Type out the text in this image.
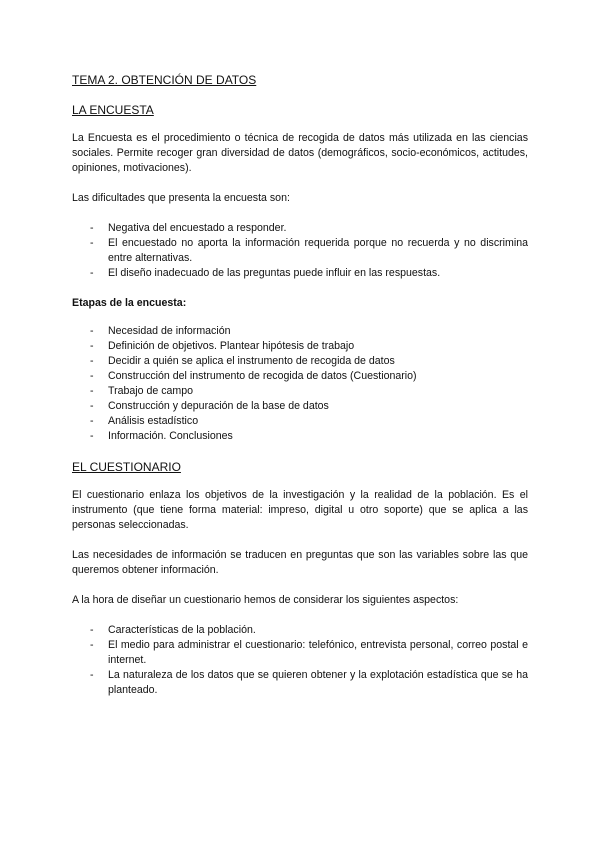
TEMA 2. OBTENCIÓN DE DATOS
LA ENCUESTA

La Encuesta es el procedimiento o técnica de recogida de datos más utilizada en las ciencias sociales. Permite recoger gran diversidad de datos (demográficos, socio-económicos, actitudes, opiniones, motivaciones).

Las dificultades que presenta la encuesta son:

- Negativa del encuestado a responder.
- El encuestado no aporta la información requerida porque no recuerda y no discrimina entre alternativas.
- El diseño inadecuado de las preguntas puede influir en las respuestas.

Etapas de la encuesta:

- Necesidad de información
- Definición de objetivos. Plantear hipótesis de trabajo
- Decidir a quién se aplica el instrumento de recogida de datos
- Construcción del instrumento de recogida de datos (Cuestionario)
- Trabajo de campo
- Construcción y depuración de la base de datos
- Análisis estadístico
- Información. Conclusiones
EL CUESTIONARIO

El cuestionario enlaza los objetivos de la investigación y la realidad de la población. Es el instrumento (que tiene forma material: impreso, digital u otro soporte) que se aplica a las personas seleccionadas.

Las necesidades de información se traducen en preguntas que son las variables sobre las que queremos obtener información.

A la hora de diseñar un cuestionario hemos de considerar los siguientes aspectos:

- Características de la población.
- El medio para administrar el cuestionario: telefónico, entrevista personal, correo postal e internet.
- La naturaleza de los datos que se quieren obtener y la explotación estadística que se ha planteado.
